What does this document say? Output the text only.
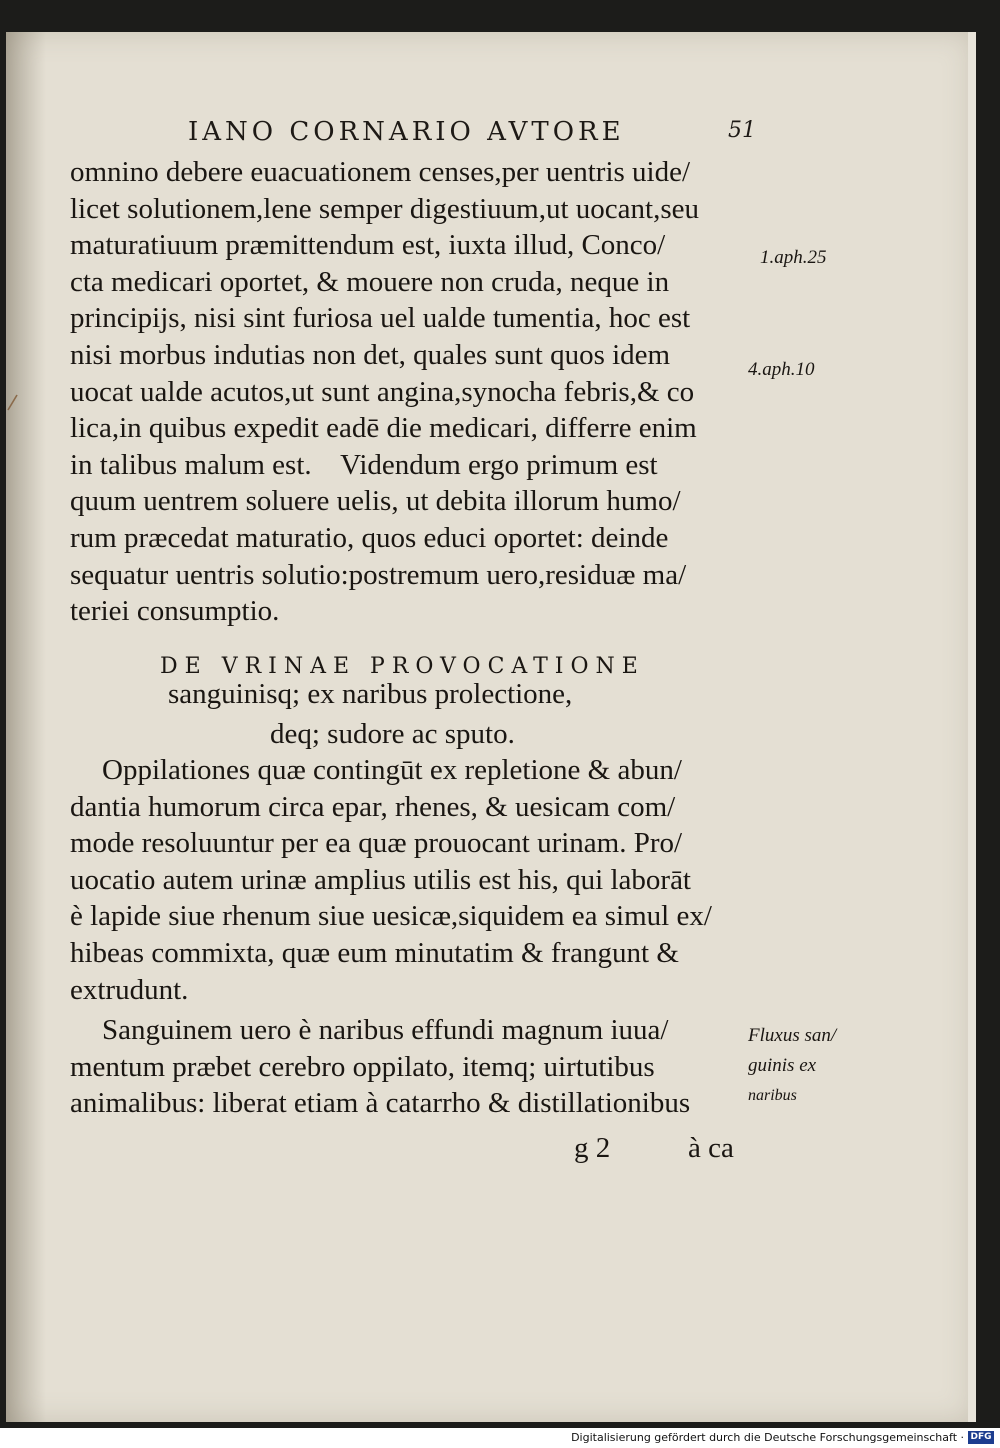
IANO CORNARIO AVTORE	51
omnino debere euacuationem censes,per uentris uide/
licet solutionem,lene semper digestiuum,ut uocant,seu
maturatiuum præmittendum est, iuxta illud, Conco/
cta medicari oportet, & mouere non cruda, neque in
principijs, nisi sint furiosa uel ualde tumentia, hoc est
nisi morbus indutias non det, quales sunt quos idem
uocat ualde acutos,ut sunt angina,synocha febris,& co
lica,in quibus expedit eadē die medicari, differre enim
in talibus malum est.    Videndum ergo primum est
quum uentrem soluere uelis, ut debita illorum humo/
rum præcedat maturatio, quos educi oportet: deinde
sequatur uentris solutio:postremum uero,residuæ ma/
teriei consumptio.
DE VRINAE PROVOCATIONE
sanguinisq; ex naribus prolectione,
deq; sudore ac sputo.
Oppilationes quæ contingūt ex repletione & abun/
dantia humorum circa epar, rhenes, & uesicam com/
mode resoluuntur per ea quæ prouocant urinam. Pro/
uocatio autem urinæ amplius utilis est his, qui laborāt
è lapide siue rhenum siue uesicæ,siquidem ea simul ex/
hibeas commixta, quæ eum minutatim & frangunt &
extrudunt.
Sanguinem uero è naribus effundi magnum iuua/
mentum præbet cerebro oppilato, itemq; uirtutibus
animalibus: liberat etiam à catarrho & distillationibus
g 2	à ca
1.aph.25
4.aph.10
Fluxus san/
guinis ex
naribus
Digitalisierung gefördert durch die Deutsche Forschungsgemeinschaft · DFG
